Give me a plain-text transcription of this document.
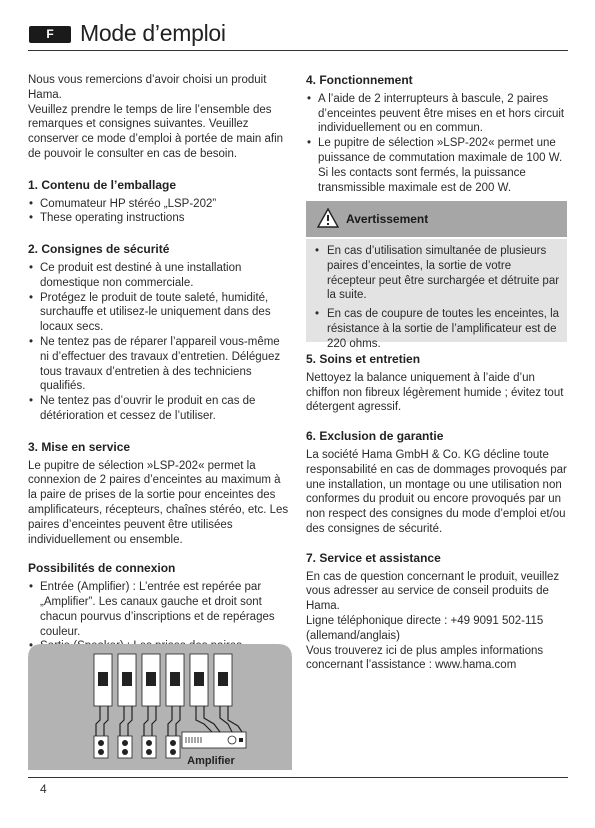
F	Mode d’emploi

Nous vous remercions d’avoir choisi un produit Hama.

Veuillez prendre le temps de lire l’ensemble des remarques et consignes suivantes. Veuillez conserver ce mode d’emploi à portée de main afin de pouvoir le consulter en cas de besoin.

1. Contenu de l’emballage
• Comumateur HP stéréo „LSP-202”
• These operating instructions
2. Consignes de sécurité
• Ce produit est destiné à une installation domestique non commerciale.
• Protégez le produit de toute saleté, humidité, surchauffe et utilisez-le uniquement dans des locaux secs.
• Ne tentez pas de réparer l’appareil vous-même ni d’effectuer des travaux d’entretien. Déléguez tous travaux d’entretien à des techniciens qualifiés.
• Ne tentez pas d’ouvrir le produit en cas de détérioration et cessez de l’utiliser.
3. Mise en service

Le pupitre de sélection »LSP-202« permet la connexion de 2 paires d’enceintes au maximum à la paire de prises de la sortie pour enceintes des amplificateurs, récepteurs, chaînes stéréo, etc. Les paires d’enceintes peuvent être utilisées individuellement ou ensemble.

Possibilités de connexion
• Entrée (Amplifier) : L’entrée est repérée par „Amplifier”. Les canaux gauche et droit sont chacun pourvus d’inscriptions et de repérages couleur.
•
Amplifier
4. Fonctionnement
• A l’aide de 2 interrupteurs à bascule, 2 paires d’enceintes peuvent être mises en et hors circuit individuellement ou en commun.
• Le pupitre de sélection »LSP-202« permet une puissance de commutation maximale de 100 W. Si les contacts sont fermés, la puissance transmissible maximale est de 200 W.
Avertissement
• En cas d’utilisation simultanée de plusieurs paires d’enceintes, la sortie de votre récepteur peut être surchargée et détruite par la suite.
• En cas de coupure de toutes les enceintes, la résistance à la sortie de l’amplificateur est de 220 ohms.
5. Soins et entretien

Nettoyez la balance uniquement à l’aide d’un chiffon non fibreux légèrement humide ; évitez tout détergent agressif.

6. Exclusion de garantie

La société Hama GmbH & Co. KG décline toute responsabilité en cas de dommages provoqués par une installation, un montage ou une utilisation non conformes du produit ou encore provoqués par un non respect des consignes du mode d’emploi et/ou des consignes de sécurité.

7. Service et assistance

En cas de question concernant le produit, veuillez vous adresser au service de conseil produits de Hama.

Ligne téléphonique directe : +49 9091 502-115 (allemand/anglais)

Vous trouverez ici de plus amples informations concernant l’assistance : www.hama.com

4
